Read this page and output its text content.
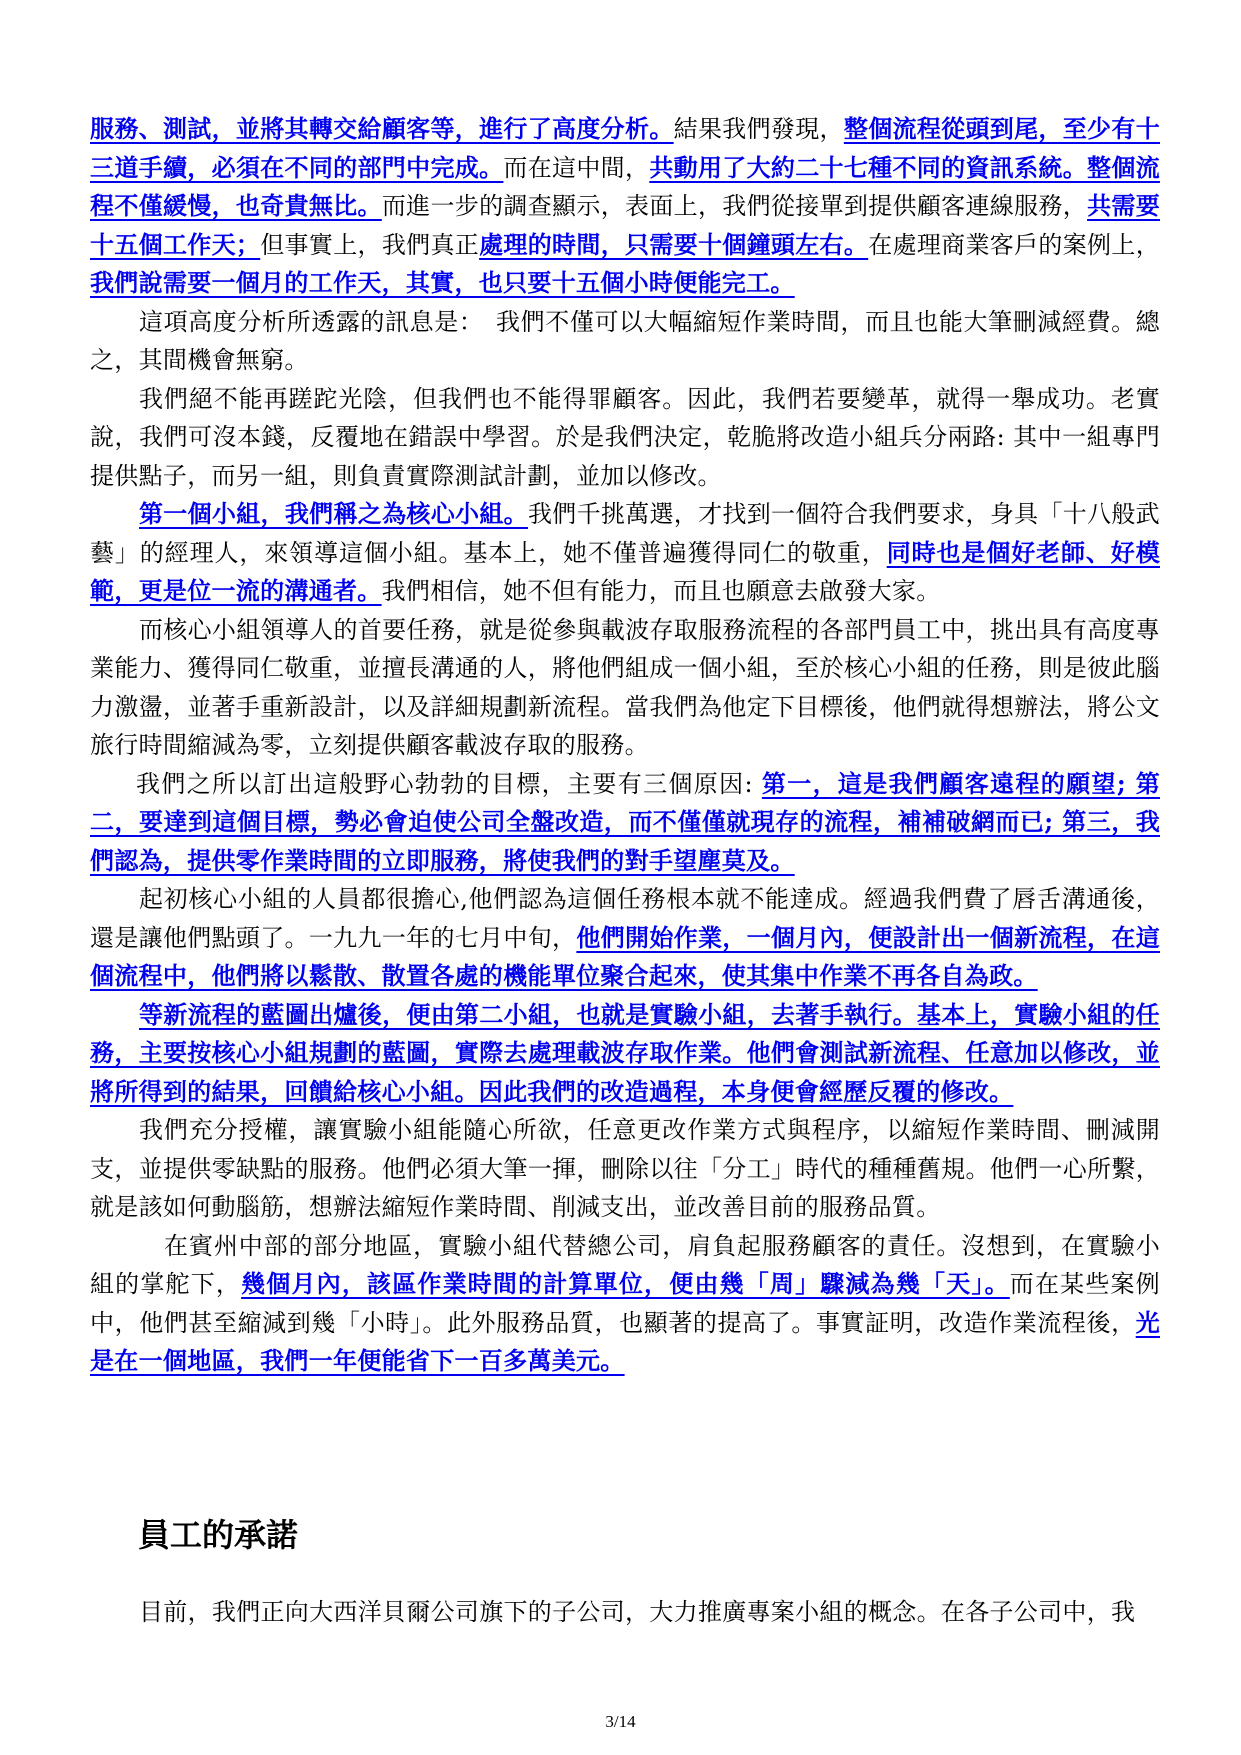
服務、測試，並將其轉交給顧客等，進行了高度分析。結果我們發現，整個流程從頭到尾，至少有十三道手續，必須在不同的部門中完成。而在這中間，共動用了大約二十七種不同的資訊系統。整個流程不僅緩慢，也奇貴無比。而進一步的調查顯示，表面上，我們從接單到提供顧客連線服務，共需要十五個工作天；但事實上，我們真正處理的時間，只需要十個鐘頭左右。在處理商業客戶的案例上，我們說需要一個月的工作天，其實，也只要十五個小時便能完工。

這項高度分析所透露的訊息是：　我們不僅可以大幅縮短作業時間，而且也能大筆刪減經費。總之，其間機會無窮。

我們絕不能再蹉跎光陰，但我們也不能得罪顧客。因此，我們若要變革，就得一舉成功。老實說，我們可沒本錢，反覆地在錯誤中學習。於是我們決定，乾脆將改造小組兵分兩路: 其中一組專門提供點子，而另一組，則負責實際測試計劃，並加以修改。

第一個小組，我們稱之為核心小組。我們千挑萬選，才找到一個符合我們要求，身具「十八般武藝」的經理人，來領導這個小組。基本上，她不僅普遍獲得同仁的敬重，同時也是個好老師、好模範，更是位一流的溝通者。我們相信，她不但有能力，而且也願意去啟發大家。

而核心小組領導人的首要任務，就是從參與載波存取服務流程的各部門員工中，挑出具有高度專業能力、獲得同仁敬重，並擅長溝通的人，將他們組成一個小組，至於核心小組的任務，則是彼此腦力激盪，並著手重新設計，以及詳細規劃新流程。當我們為他定下目標後，他們就得想辦法，將公文旅行時間縮減為零，立刻提供顧客載波存取的服務。

我們之所以訂出這般野心勃勃的目標，主要有三個原因: 第一，這是我們顧客遠程的願望; 第二，要達到這個目標，勢必會迫使公司全盤改造，而不僅僅就現存的流程，補補破網而已; 第三，我們認為，提供零作業時間的立即服務，將使我們的對手望塵莫及。

起初核心小組的人員都很擔心,他們認為這個任務根本就不能達成。經過我們費了唇舌溝通後，還是讓他們點頭了。一九九一年的七月中旬，他們開始作業，一個月內，便設計出一個新流程，在這個流程中，他們將以鬆散、散置各處的機能單位聚合起來，使其集中作業不再各自為政。

等新流程的藍圖出爐後，便由第二小組，也就是實驗小組，去著手執行。基本上，實驗小組的任務，主要按核心小組規劃的藍圖，實際去處理載波存取作業。他們會測試新流程、任意加以修改，並將所得到的結果，回饋給核心小組。因此我們的改造過程，本身便會經歷反覆的修改。

我們充分授權，讓實驗小組能隨心所欲，任意更改作業方式與程序，以縮短作業時間、刪減開支，並提供零缺點的服務。他們必須大筆一揮，刪除以往「分工」時代的種種舊規。他們一心所繫，就是該如何動腦筋，想辦法縮短作業時間、削減支出，並改善目前的服務品質。

在賓州中部的部分地區，實驗小組代替總公司，肩負起服務顧客的責任。沒想到，在實驗小組的掌舵下，幾個月內，該區作業時間的計算單位，便由幾「周」驟減為幾「天」。而在某些案例中，他們甚至縮減到幾「小時」。此外服務品質，也顯著的提高了。事實証明，改造作業流程後，光是在一個地區，我們一年便能省下一百多萬美元。

員工的承諾

目前，我們正向大西洋貝爾公司旗下的子公司，大力推廣專案小組的概念。在各子公司中，我

3/14
